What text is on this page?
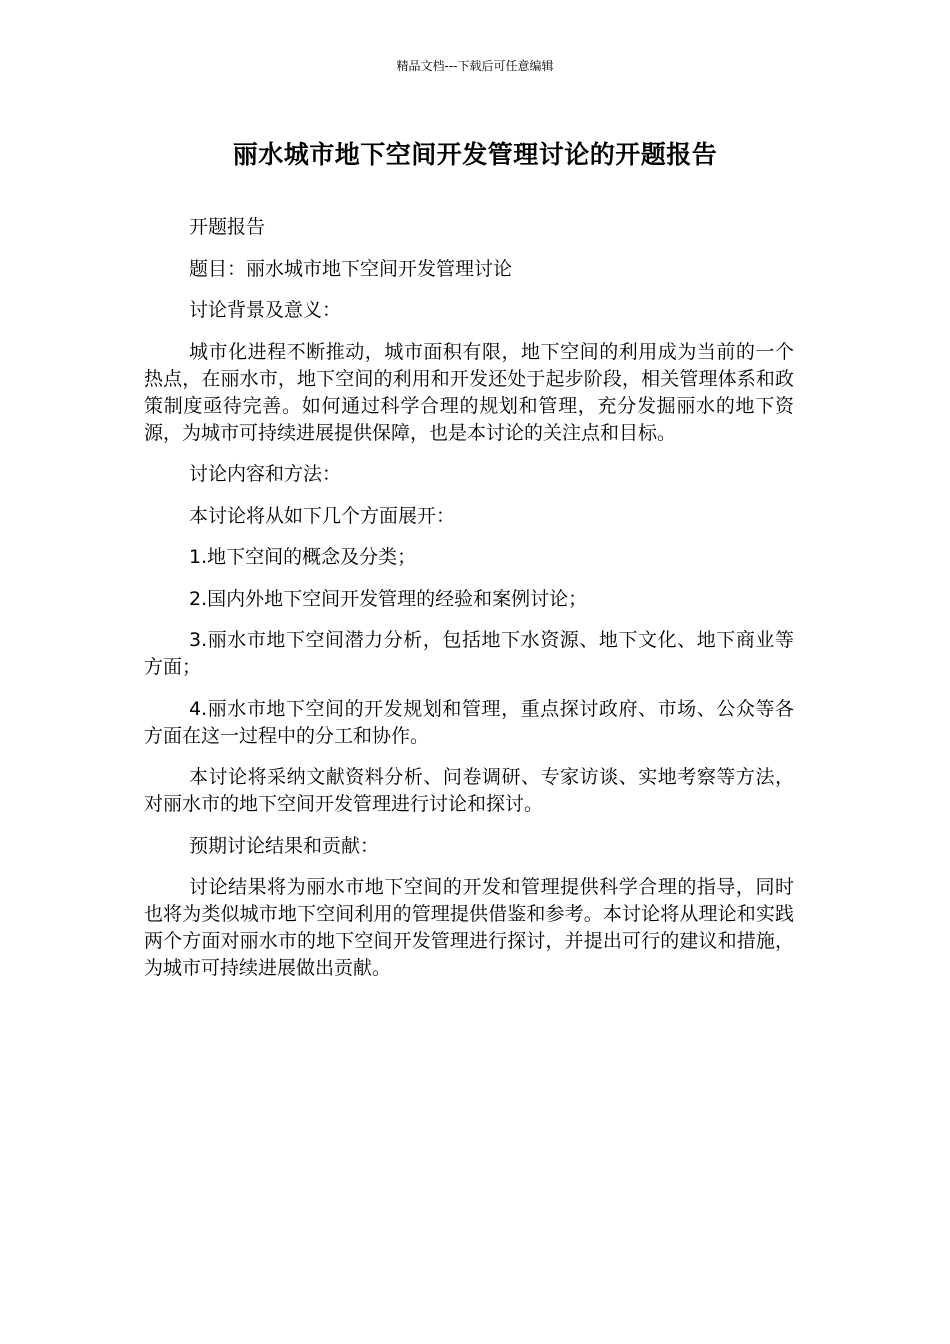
精品文档---下载后可任意编辑
丽水城市地下空间开发管理讨论的开题报告

开题报告

题目：丽水城市地下空间开发管理讨论

讨论背景及意义：

城市化进程不断推动，城市面积有限，地下空间的利用成为当前的一个热点，在丽水市，地下空间的利用和开发还处于起步阶段，相关管理体系和政策制度亟待完善。如何通过科学合理的规划和管理，充分发掘丽水的地下资源，为城市可持续进展提供保障，也是本讨论的关注点和目标。

讨论内容和方法：

本讨论将从如下几个方面展开：

1.地下空间的概念及分类；

2.国内外地下空间开发管理的经验和案例讨论；

3.丽水市地下空间潜力分析，包括地下水资源、地下文化、地下商业等方面；

4.丽水市地下空间的开发规划和管理，重点探讨政府、市场、公众等各方面在这一过程中的分工和协作。

本讨论将采纳文献资料分析、问卷调研、专家访谈、实地考察等方法，对丽水市的地下空间开发管理进行讨论和探讨。

预期讨论结果和贡献：

讨论结果将为丽水市地下空间的开发和管理提供科学合理的指导，同时也将为类似城市地下空间利用的管理提供借鉴和参考。本讨论将从理论和实践两个方面对丽水市的地下空间开发管理进行探讨，并提出可行的建议和措施，为城市可持续进展做出贡献。
